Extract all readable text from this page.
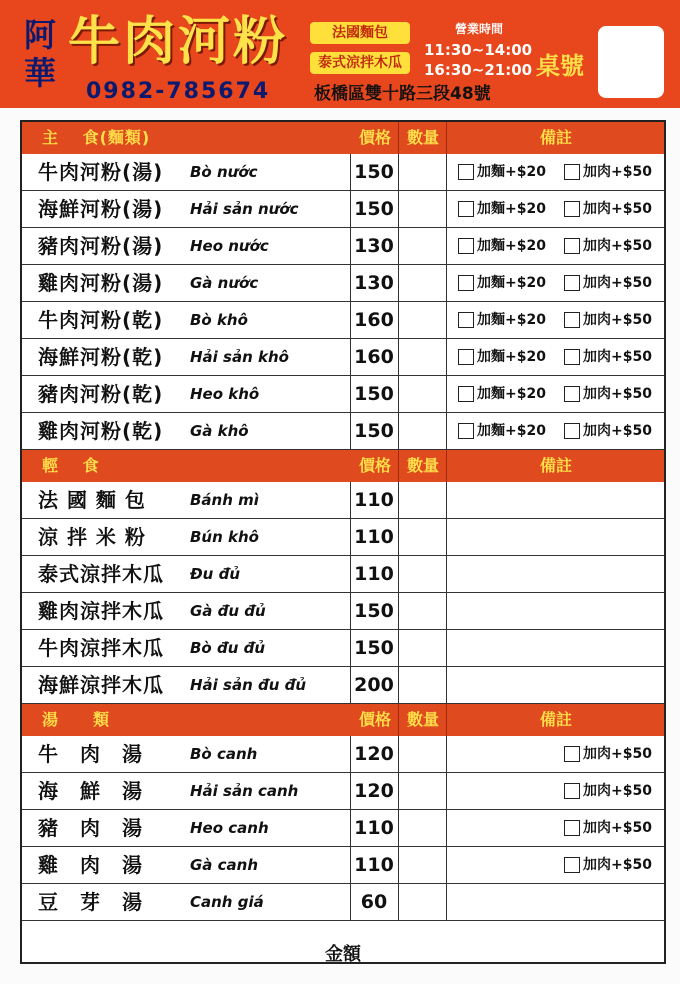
阿
華
牛肉河粉
0982-785674
法國麵包
泰式涼拌木瓜
營業時間
11:30~14:00
16:30~21:00
板橋區雙十路三段48號
桌號
主　 食(麵類)	價格 數量	備註
牛肉河粉(湯)	Bò nước	150	加麵+$20	加肉+$50
海鮮河粉(湯)	Hải sản nước	150	加麵+$20	加肉+$50
豬肉河粉(湯)	Heo nước	130	加麵+$20	加肉+$50
雞肉河粉(湯)	Gà nước	130	加麵+$20	加肉+$50
牛肉河粉(乾)	Bò khô	160	加麵+$20	加肉+$50
海鮮河粉(乾)	Hải sản khô	160	加麵+$20	加肉+$50
豬肉河粉(乾)	Heo khô	150	加麵+$20	加肉+$50
雞肉河粉(乾)	Gà khô	150	加麵+$20	加肉+$50
輕　 食	價格 數量	備註
法 國 麵 包	Bánh mì	110
涼 拌 米 粉	Bún khô	110
泰式涼拌木瓜	Đu đủ	110
雞肉涼拌木瓜	Gà đu đủ	150
牛肉涼拌木瓜	Bò đu đủ	150
海鮮涼拌木瓜	Hải sản đu đủ	200
湯　　類	價格 數量	備註
牛　肉　湯	Bò canh	120	加肉+$50
海　鮮　湯	Hải sản canh	120	加肉+$50
豬　肉　湯	Heo canh	110	加肉+$50
雞　肉　湯	Gà canh	110	加肉+$50
豆　芽　湯	Canh giá	60
金額
